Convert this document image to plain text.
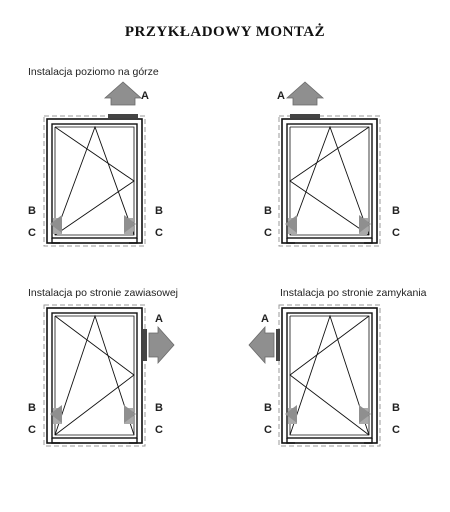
PRZYKŁADOWY MONTAŻ
Instalacja poziomo na górze
Instalacja po stronie zawiasowej	Instalacja po stronie zamykania
A
B
C
B
C
A
B
C
B
C
A
B
C
B
C
A
B
C
B
C
